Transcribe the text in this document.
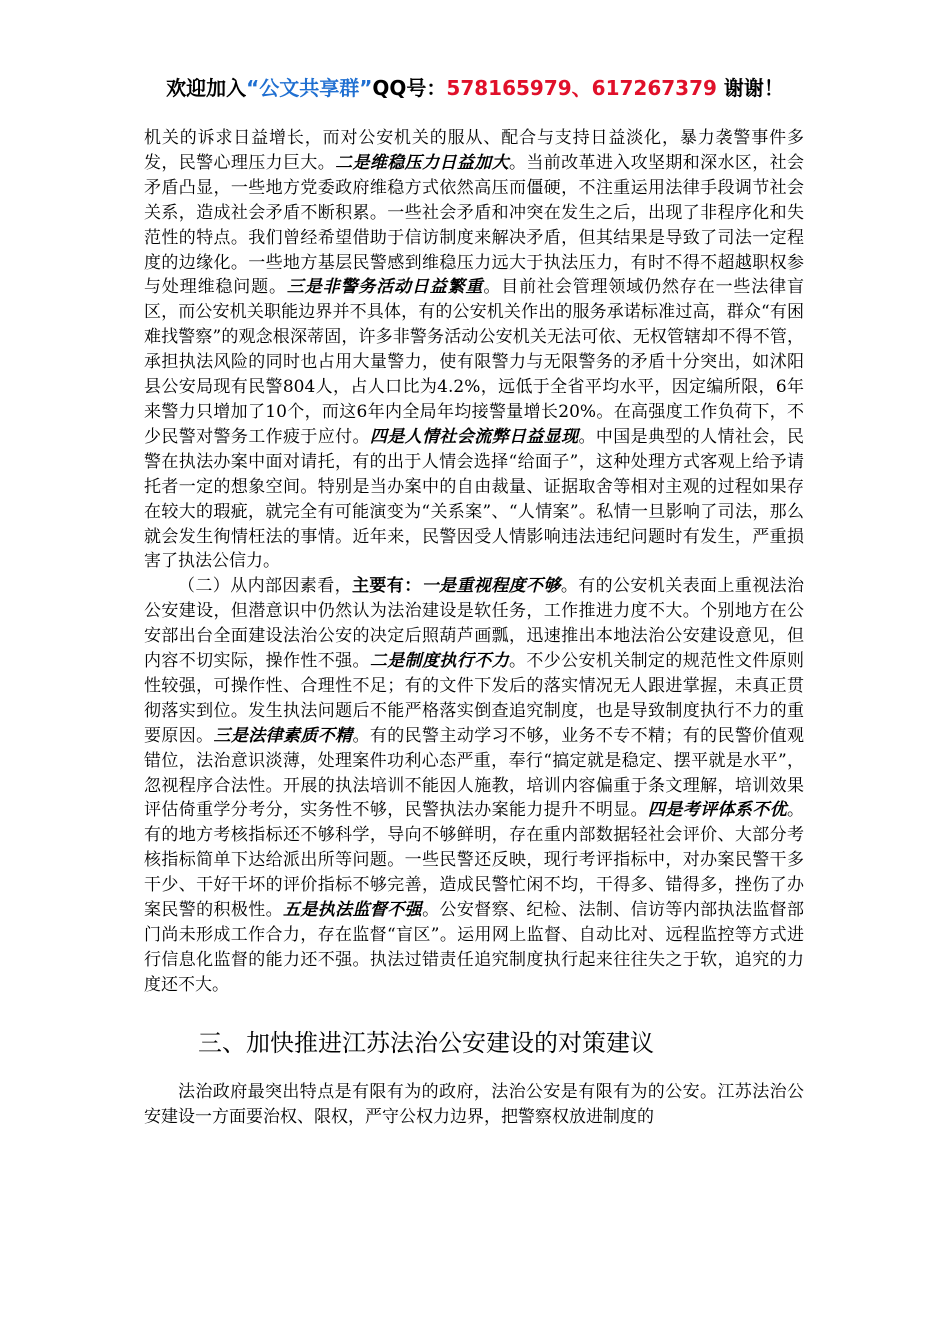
欢迎加入“公文共享群”QQ号：578165979、617267379 谢谢！

机关的诉求日益增长，而对公安机关的服从、配合与支持日益淡化，暴力袭警事件多发，民警心理压力巨大。二是维稳压力日益加大。当前改革进入攻坚期和深水区，社会矛盾凸显，一些地方党委政府维稳方式依然高压而僵硬，不注重运用法律手段调节社会关系，造成社会矛盾不断积累。一些社会矛盾和冲突在发生之后，出现了非程序化和失范性的特点。我们曾经希望借助于信访制度来解决矛盾，但其结果是导致了司法一定程度的边缘化。一些地方基层民警感到维稳压力远大于执法压力，有时不得不超越职权参与处理维稳问题。三是非警务活动日益繁重。目前社会管理领域仍然存在一些法律盲区，而公安机关职能边界并不具体，有的公安机关作出的服务承诺标准过高，群众“有困难找警察”的观念根深蒂固，许多非警务活动公安机关无法可依、无权管辖却不得不管，承担执法风险的同时也占用大量警力，使有限警力与无限警务的矛盾十分突出，如沭阳县公安局现有民警804人，占人口比为4.2%，远低于全省平均水平，因定编所限，6年来警力只增加了10个，而这6年内全局年均接警量增长20%。在高强度工作负荷下，不少民警对警务工作疲于应付。四是人情社会流弊日益显现。中国是典型的人情社会，民警在执法办案中面对请托，有的出于人情会选择“给面子”，这种处理方式客观上给予请托者一定的想象空间。特别是当办案中的自由裁量、证据取舍等相对主观的过程如果存在较大的瑕疵，就完全有可能演变为“关系案”、“人情案”。私情一旦影响了司法，那么就会发生徇情枉法的事情。近年来，民警因受人情影响违法违纪问题时有发生，严重损害了执法公信力。

（二）从内部因素看，主要有：一是重视程度不够。有的公安机关表面上重视法治公安建设，但潜意识中仍然认为法治建设是软任务，工作推进力度不大。个别地方在公安部出台全面建设法治公安的决定后照葫芦画瓢，迅速推出本地法治公安建设意见，但内容不切实际，操作性不强。二是制度执行不力。不少公安机关制定的规范性文件原则性较强，可操作性、合理性不足；有的文件下发后的落实情况无人跟进掌握，未真正贯彻落实到位。发生执法问题后不能严格落实倒查追究制度，也是导致制度执行不力的重要原因。三是法律素质不精。有的民警主动学习不够，业务不专不精；有的民警价值观错位，法治意识淡薄，处理案件功利心态严重，奉行“搞定就是稳定、摆平就是水平”，忽视程序合法性。开展的执法培训不能因人施教，培训内容偏重于条文理解，培训效果评估倚重学分考分，实务性不够，民警执法办案能力提升不明显。四是考评体系不优。有的地方考核指标还不够科学，导向不够鲜明，存在重内部数据轻社会评价、大部分考核指标简单下达给派出所等问题。一些民警还反映，现行考评指标中，对办案民警干多干少、干好干坏的评价指标不够完善，造成民警忙闲不均，干得多、错得多，挫伤了办案民警的积极性。五是执法监督不强。公安督察、纪检、法制、信访等内部执法监督部门尚未形成工作合力，存在监督“盲区”。运用网上监督、自动比对、远程监控等方式进行信息化监督的能力还不强。执法过错责任追究制度执行起来往往失之于软，追究的力度还不大。

三、加快推进江苏法治公安建设的对策建议

法治政府最突出特点是有限有为的政府，法治公安是有限有为的公安。江苏法治公安建设一方面要治权、限权，严守公权力边界，把警察权放进制度的
